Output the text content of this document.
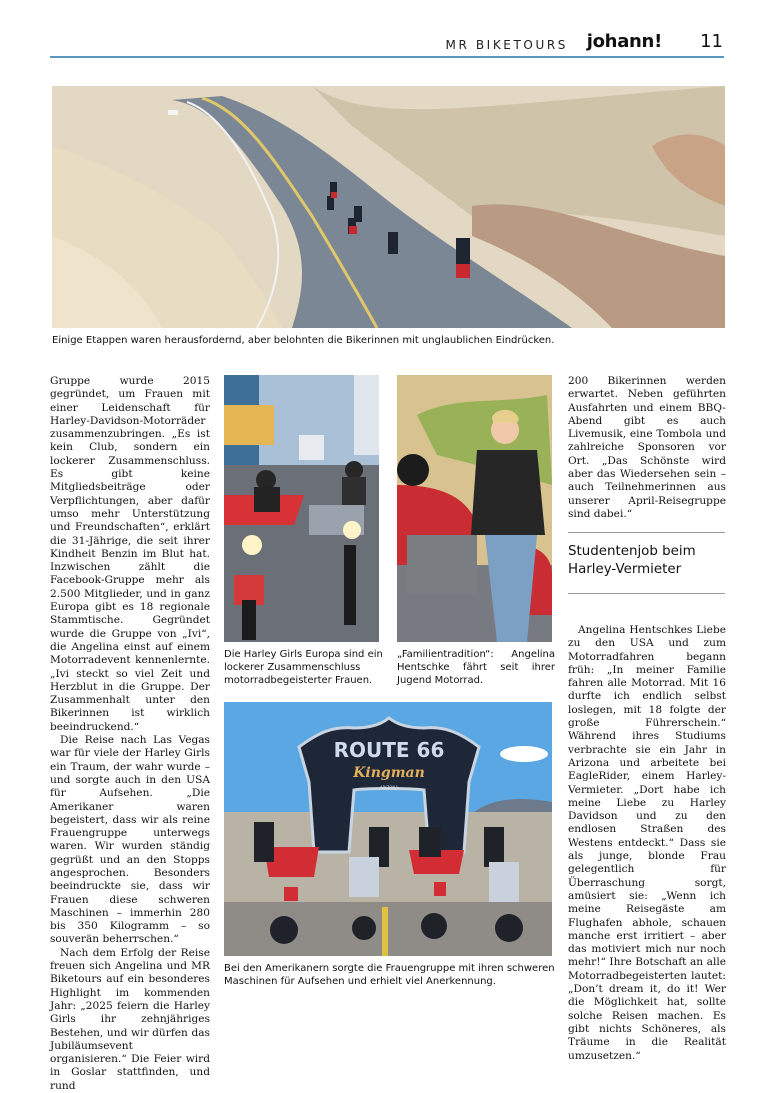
MR BIKETOURS johann! 11
Einige Etappen waren herausfordernd, aber belohnten die Bikerinnen mit unglaublichen Eindrücken.

Gruppe wurde 2015 gegründet, um Frauen mit einer Leidenschaft für Harley-Davidson-Motorräder zusammenzubringen. „Es ist kein Club, sondern ein lockerer Zusammenschluss. Es gibt keine Mitgliedsbeiträge oder Verpflichtungen, aber dafür umso mehr Unterstützung und Freundschaften“, erklärt die 31-Jährige, die seit ihrer Kindheit Benzin im Blut hat. Inzwischen zählt die Facebook-Gruppe mehr als 2.500 Mitglieder, und in ganz Europa gibt es 18 regionale Stammtische. Gegründet wurde die Gruppe von „Ivi“, die Angelina einst auf einem Motorradevent kennenlernte. „Ivi steckt so viel Zeit und Herzblut in die Gruppe. Der Zusammenhalt unter den Bikerinnen ist wirklich beeindruckend.“

Die Reise nach Las Vegas war für viele der Harley Girls ein Traum, der wahr wurde – und sorgte auch in den USA für Aufsehen. „Die Amerikaner waren begeistert, dass wir als reine Frauengruppe unterwegs waren. Wir wurden ständig gegrüßt und an den Stopps angesprochen. Besonders beeindruckte sie, dass wir Frauen diese schweren Maschinen – immerhin 280 bis 350 Kilogramm – so souverän beherrschen.“

Nach dem Erfolg der Reise freuen sich Angelina und MR Biketours auf ein besonderes Highlight im kommenden Jahr: „2025 feiern die Harley Girls ihr zehnjähriges Bestehen, und wir dürfen das Jubiläumsevent organisieren.“ Die Feier wird in Goslar stattfinden, und rund

Die Harley Girls Europa sind ein lockerer Zusammenschluss motorradbegeisterter Frauen.
„Familientradition“: Angelina Hentschke fährt seit ihrer Jugend Motorrad.
ROUTE 66
Kingman
ARIZONA
Bei den Amerikanern sorgte die Frauengruppe mit ihren schweren Maschinen für Aufsehen und erhielt viel Anerkennung.

200 Bikerinnen werden erwartet. Neben geführten Ausfahrten und einem BBQ-Abend gibt es auch Livemusik, eine Tombola und zahlreiche Sponsoren vor Ort. „Das Schönste wird aber das Wiedersehen sein – auch Teilnehmerinnen aus unserer April-Reisegruppe sind dabei.“

Studentenjob beim Harley-Vermieter

Angelina Hentschkes Liebe zu den USA und zum Motorradfahren begann früh: „In meiner Familie fahren alle Motorrad. Mit 16 durfte ich endlich selbst loslegen, mit 18 folgte der große Führerschein.“ Während ihres Studiums verbrachte sie ein Jahr in Arizona und arbeitete bei EagleRider, einem Harley-Vermieter. „Dort habe ich meine Liebe zu Harley Davidson und zu den endlosen Straßen des Westens entdeckt.“ Dass sie als junge, blonde Frau gelegentlich für Überraschung sorgt, amüsiert sie: „Wenn ich meine Reisegäste am Flughafen abhole, schauen manche erst irritiert – aber das motiviert mich nur noch mehr!“ Ihre Botschaft an alle Motorradbegeisterten lautet: „Don’t dream it, do it! Wer die Möglichkeit hat, sollte solche Reisen machen. Es gibt nichts Schöneres, als Träume in die Realität umzusetzen.“
